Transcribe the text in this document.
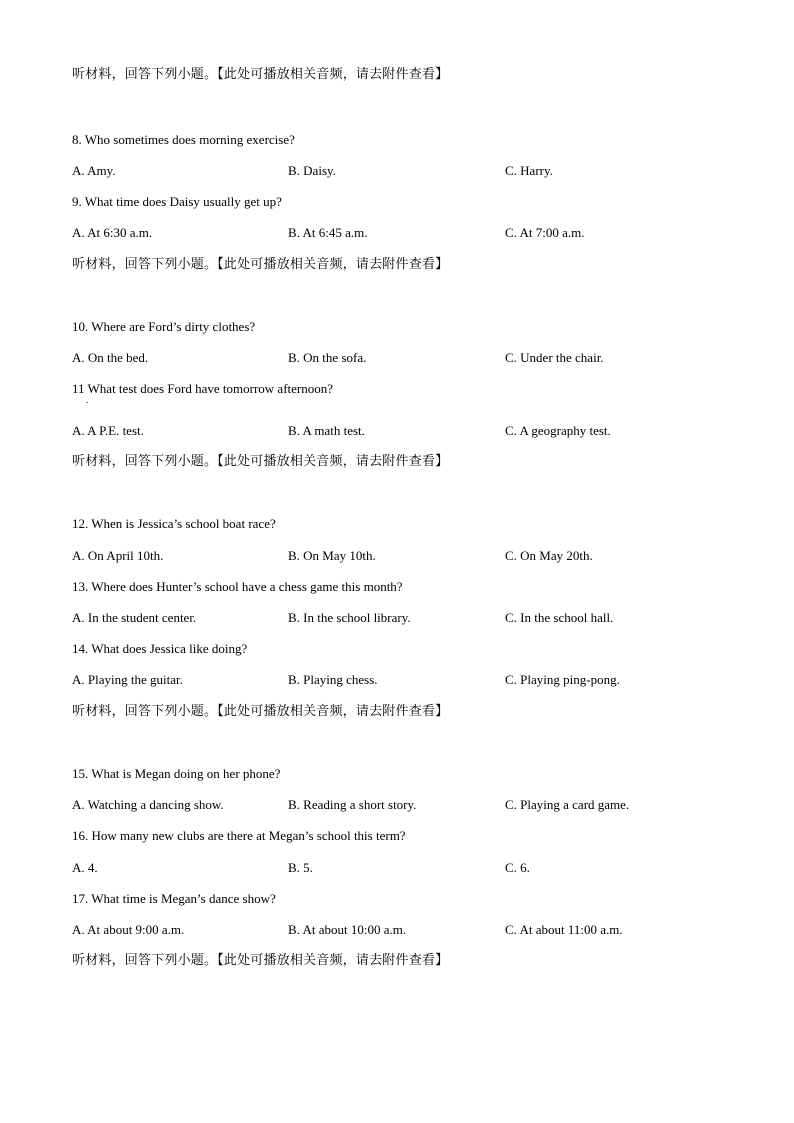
听材料，回答下列小题。【此处可播放相关音频，请去附件查看】
8. Who sometimes does morning exercise?
A. Amy.	B. Daisy.	C. Harry.
9. What time does Daisy usually get up?
A. At 6:30 a.m.	B. At 6:45 a.m.	C. At 7:00 a.m.
听材料，回答下列小题。【此处可播放相关音频，请去附件查看】
10. Where are Ford’s dirty clothes?
A. On the bed.	B. On the sofa.	C. Under the chair.
11 What test does Ford have tomorrow afternoon?
.
A. A P.E. test.	B. A math test.	C. A geography test.
听材料，回答下列小题。【此处可播放相关音频，请去附件查看】
12. When is Jessica’s school boat race?
A. On April 10th.	B. On May 10th.	C. On May 20th.
13. Where does Hunter’s school have a chess game this month?
A. In the student center.	B. In the school library.	C. In the school hall.
14. What does Jessica like doing?
A. Playing the guitar.	B. Playing chess.	C. Playing ping-pong.
听材料，回答下列小题。【此处可播放相关音频，请去附件查看】
15. What is Megan doing on her phone?
A. Watching a dancing show.	B. Reading a short story.	C. Playing a card game.
16. How many new clubs are there at Megan’s school this term?
A. 4.	B. 5.	C. 6.
17. What time is Megan’s dance show?
A. At about 9:00 a.m.	B. At about 10:00 a.m.	C. At about 11:00 a.m.
听材料，回答下列小题。【此处可播放相关音频，请去附件查看】
